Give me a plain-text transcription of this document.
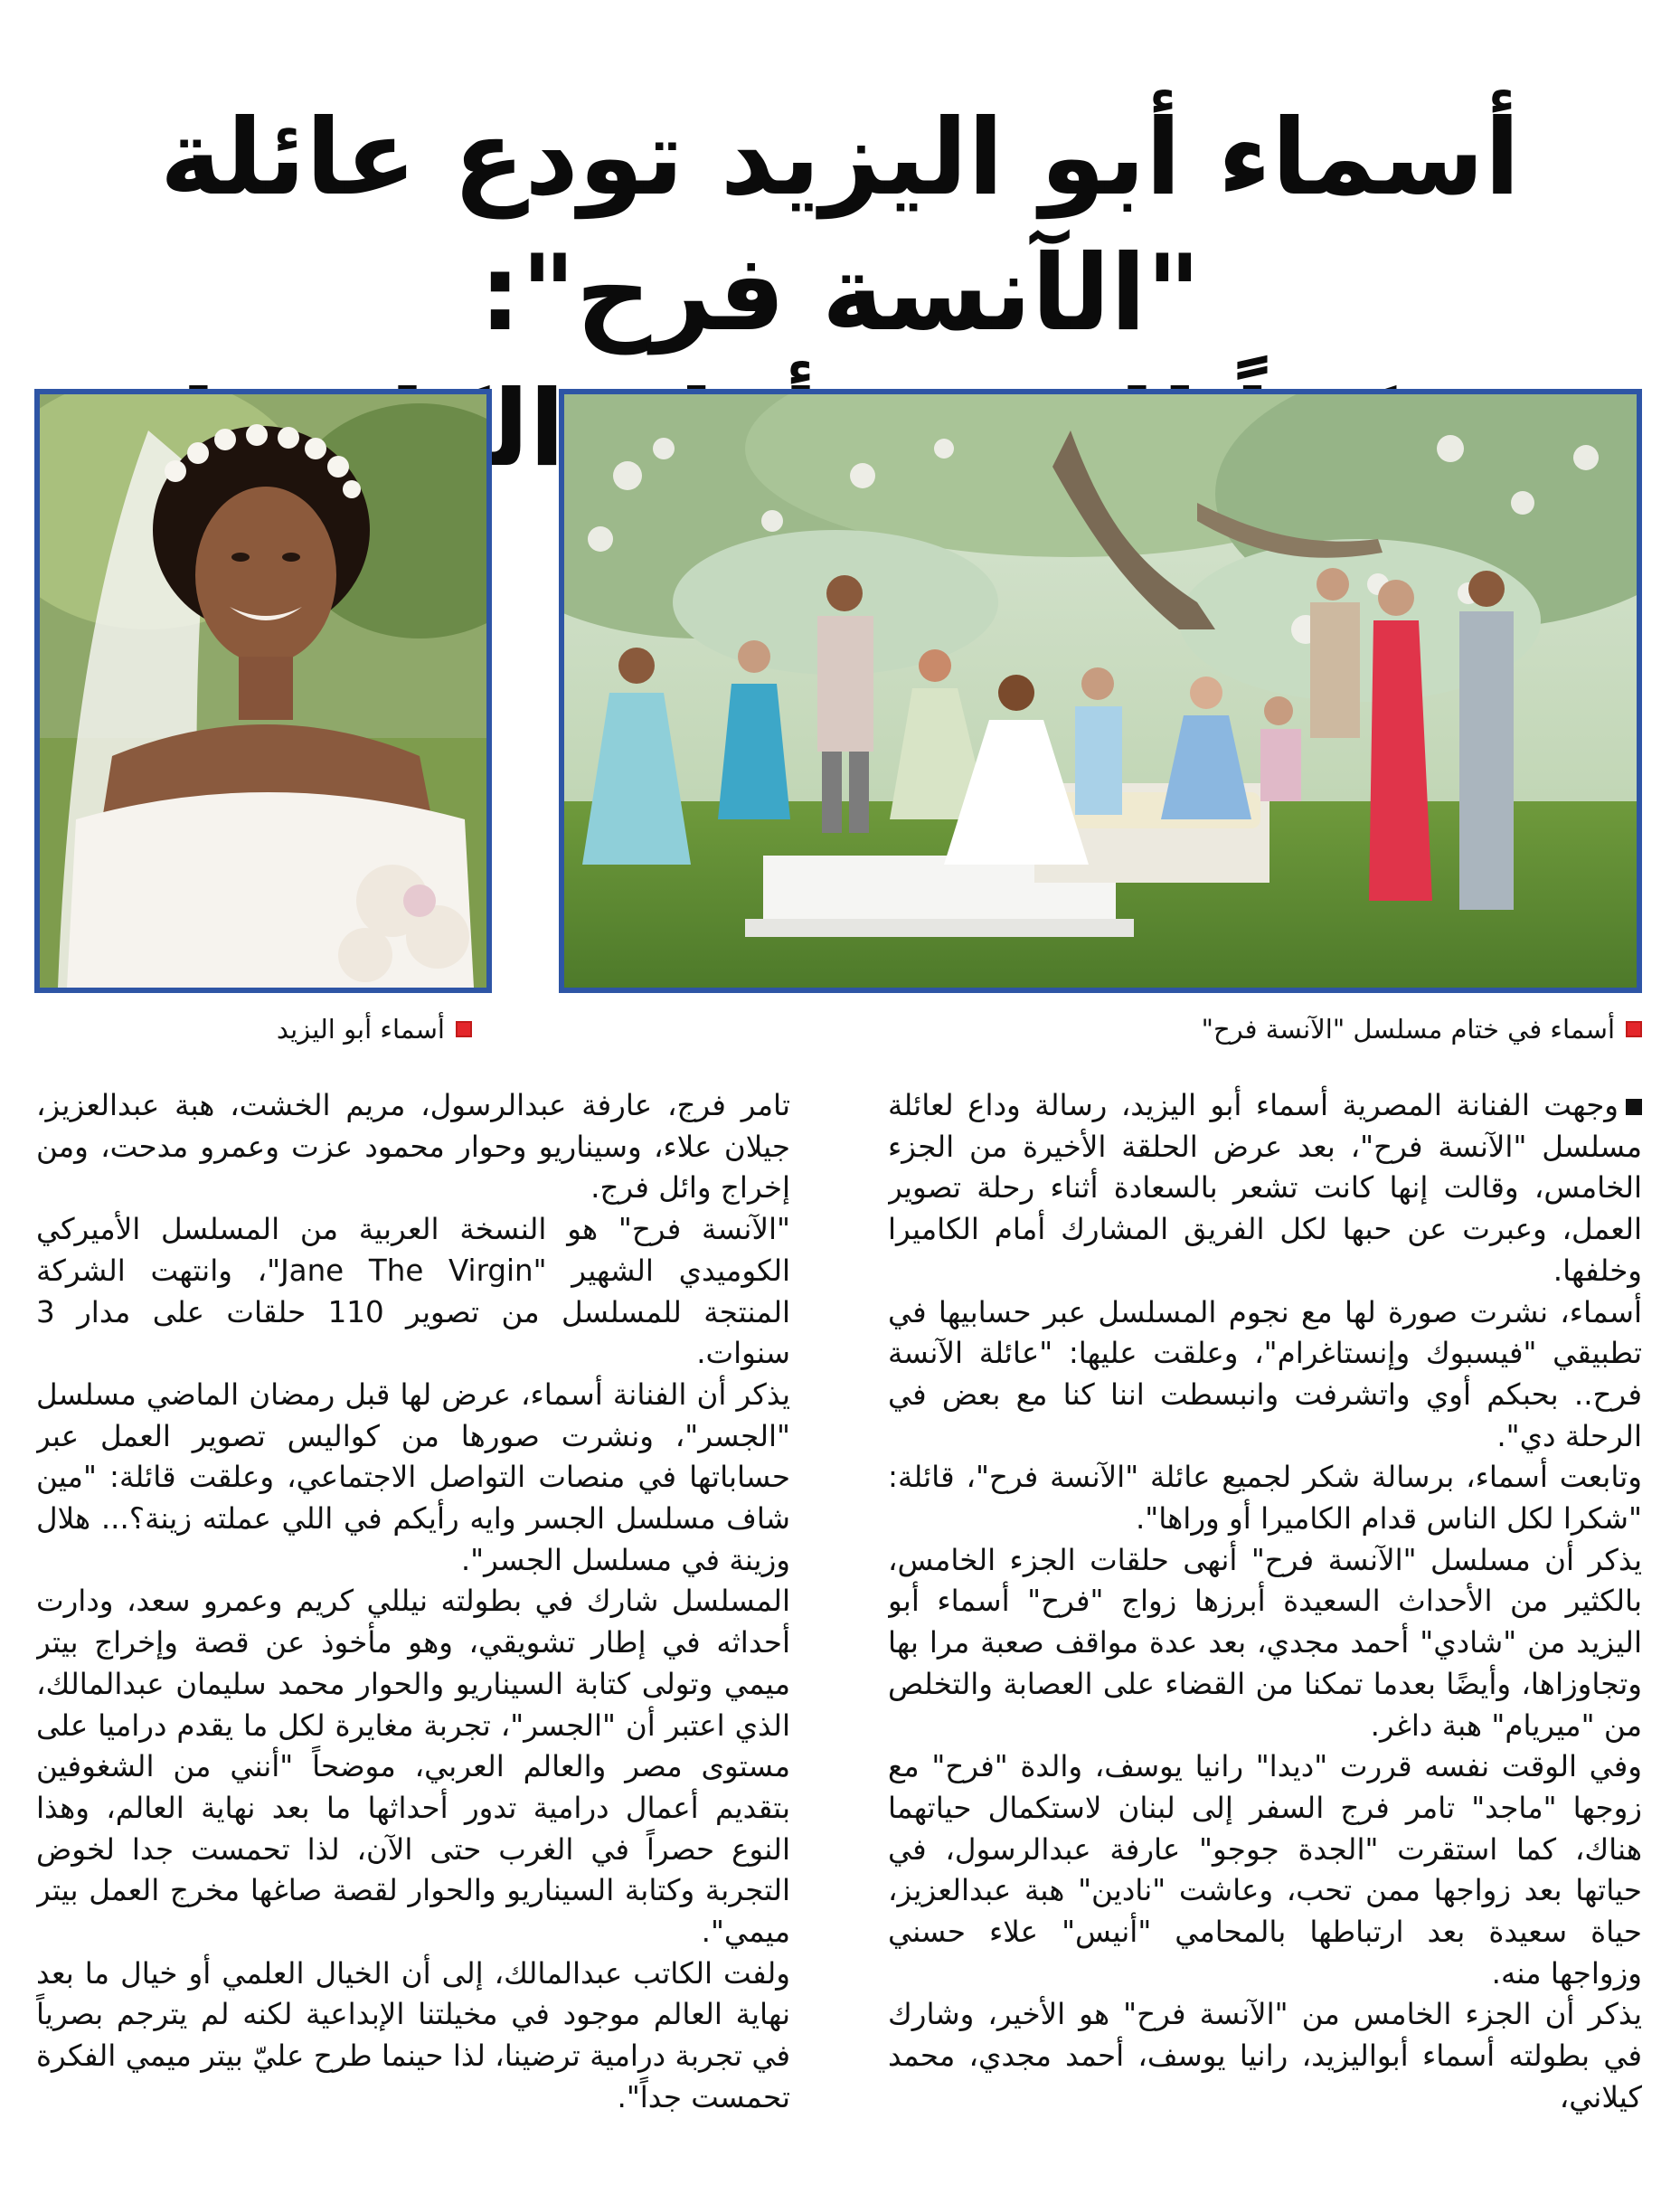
أسماء أبو اليزيد تودع عائلة "الآنسة فرح":
أسماء في ختام مسلسل "الآنسة فرح"
أسماء أبو اليزيد

وجهت الفنانة المصرية أسماء أبو اليزيد، رسالة وداع لعائلة مسلسل "الآنسة فرح"، بعد عرض الحلقة الأخيرة من الجزء الخامس، وقالت إنها كانت تشعر بالسعادة أثناء رحلة تصوير العمل، وعبرت عن حبها لكل الفريق المشارك أمام الكاميرا وخلفها.

أسماء، نشرت صورة لها مع نجوم المسلسل عبر حسابيها في تطبيقي "فيسبوك وإنستاغرام"، وعلقت عليها: "عائلة الآنسة فرح.. بحبكم أوي واتشرفت وانبسطت اننا كنا مع بعض في الرحلة دي".

وتابعت أسماء، برسالة شكر لجميع عائلة "الآنسة فرح"، قائلة: "شكرا لكل الناس قدام الكاميرا أو وراها".

يذكر أن مسلسل "الآنسة فرح" أنهى حلقات الجزء الخامس، بالكثير من الأحداث السعيدة أبرزها زواج "فرح" أسماء أبو اليزيد من "شادي" أحمد مجدي، بعد عدة مواقف صعبة مرا بها وتجاوزاها، وأيضًا بعدما تمكنا من القضاء على العصابة والتخلص من "ميريام" هبة داغر.

وفي الوقت نفسه قررت "ديدا" رانيا يوسف، والدة "فرح" مع زوجها "ماجد" تامر فرج السفر إلى لبنان لاستكمال حياتهما هناك، كما استقرت "الجدة جوجو" عارفة عبدالرسول، في حياتها بعد زواجها ممن تحب، وعاشت "نادين" هبة عبدالعزيز، حياة سعيدة بعد ارتباطها بالمحامي "أنيس" علاء حسني وزواجها منه.

يذكر أن الجزء الخامس من "الآنسة فرح" هو الأخير، وشارك في بطولته أسماء أبواليزيد، رانيا يوسف، أحمد مجدي، محمد كيلاني،

تامر فرج، عارفة عبدالرسول، مريم الخشت، هبة عبدالعزيز، جيلان علاء، وسيناريو وحوار محمود عزت وعمرو مدحت، ومن إخراج وائل فرج.

"الآنسة فرح" هو النسخة العربية من المسلسل الأميركي الكوميدي الشهير "Jane The Virgin"، وانتهت الشركة المنتجة للمسلسل من تصوير 110 حلقات على مدار 3 سنوات.

يذكر أن الفنانة أسماء، عرض لها قبل رمضان الماضي مسلسل "الجسر"، ونشرت صورها من كواليس تصوير العمل عبر حساباتها في منصات التواصل الاجتماعي، وعلقت قائلة: "مين شاف مسلسل الجسر وايه رأيكم في اللي عملته زينة؟... هلال وزينة في مسلسل الجسر".

المسلسل شارك في بطولته نيللي كريم وعمرو سعد، ودارت أحداثه في إطار تشويقي، وهو مأخوذ عن قصة وإخراج بيتر ميمي وتولى كتابة السيناريو والحوار محمد سليمان عبدالمالك، الذي اعتبر أن "الجسر"، تجربة مغايرة لكل ما يقدم دراميا على مستوى مصر والعالم العربي، موضحاً "أنني من الشغوفين بتقديم أعمال درامية تدور أحداثها ما بعد نهاية العالم، وهذا النوع حصراً في الغرب حتى الآن، لذا تحمست جدا لخوض التجربة وكتابة السيناريو والحوار لقصة صاغها مخرج العمل بيتر ميمي".

ولفت الكاتب عبدالمالك، إلى أن الخيال العلمي أو خيال ما بعد نهاية العالم موجود في مخيلتنا الإبداعية لكنه لم يترجم بصرياً في تجربة درامية ترضينا، لذا حينما طرح عليّ بيتر ميمي الفكرة تحمست جداً".
